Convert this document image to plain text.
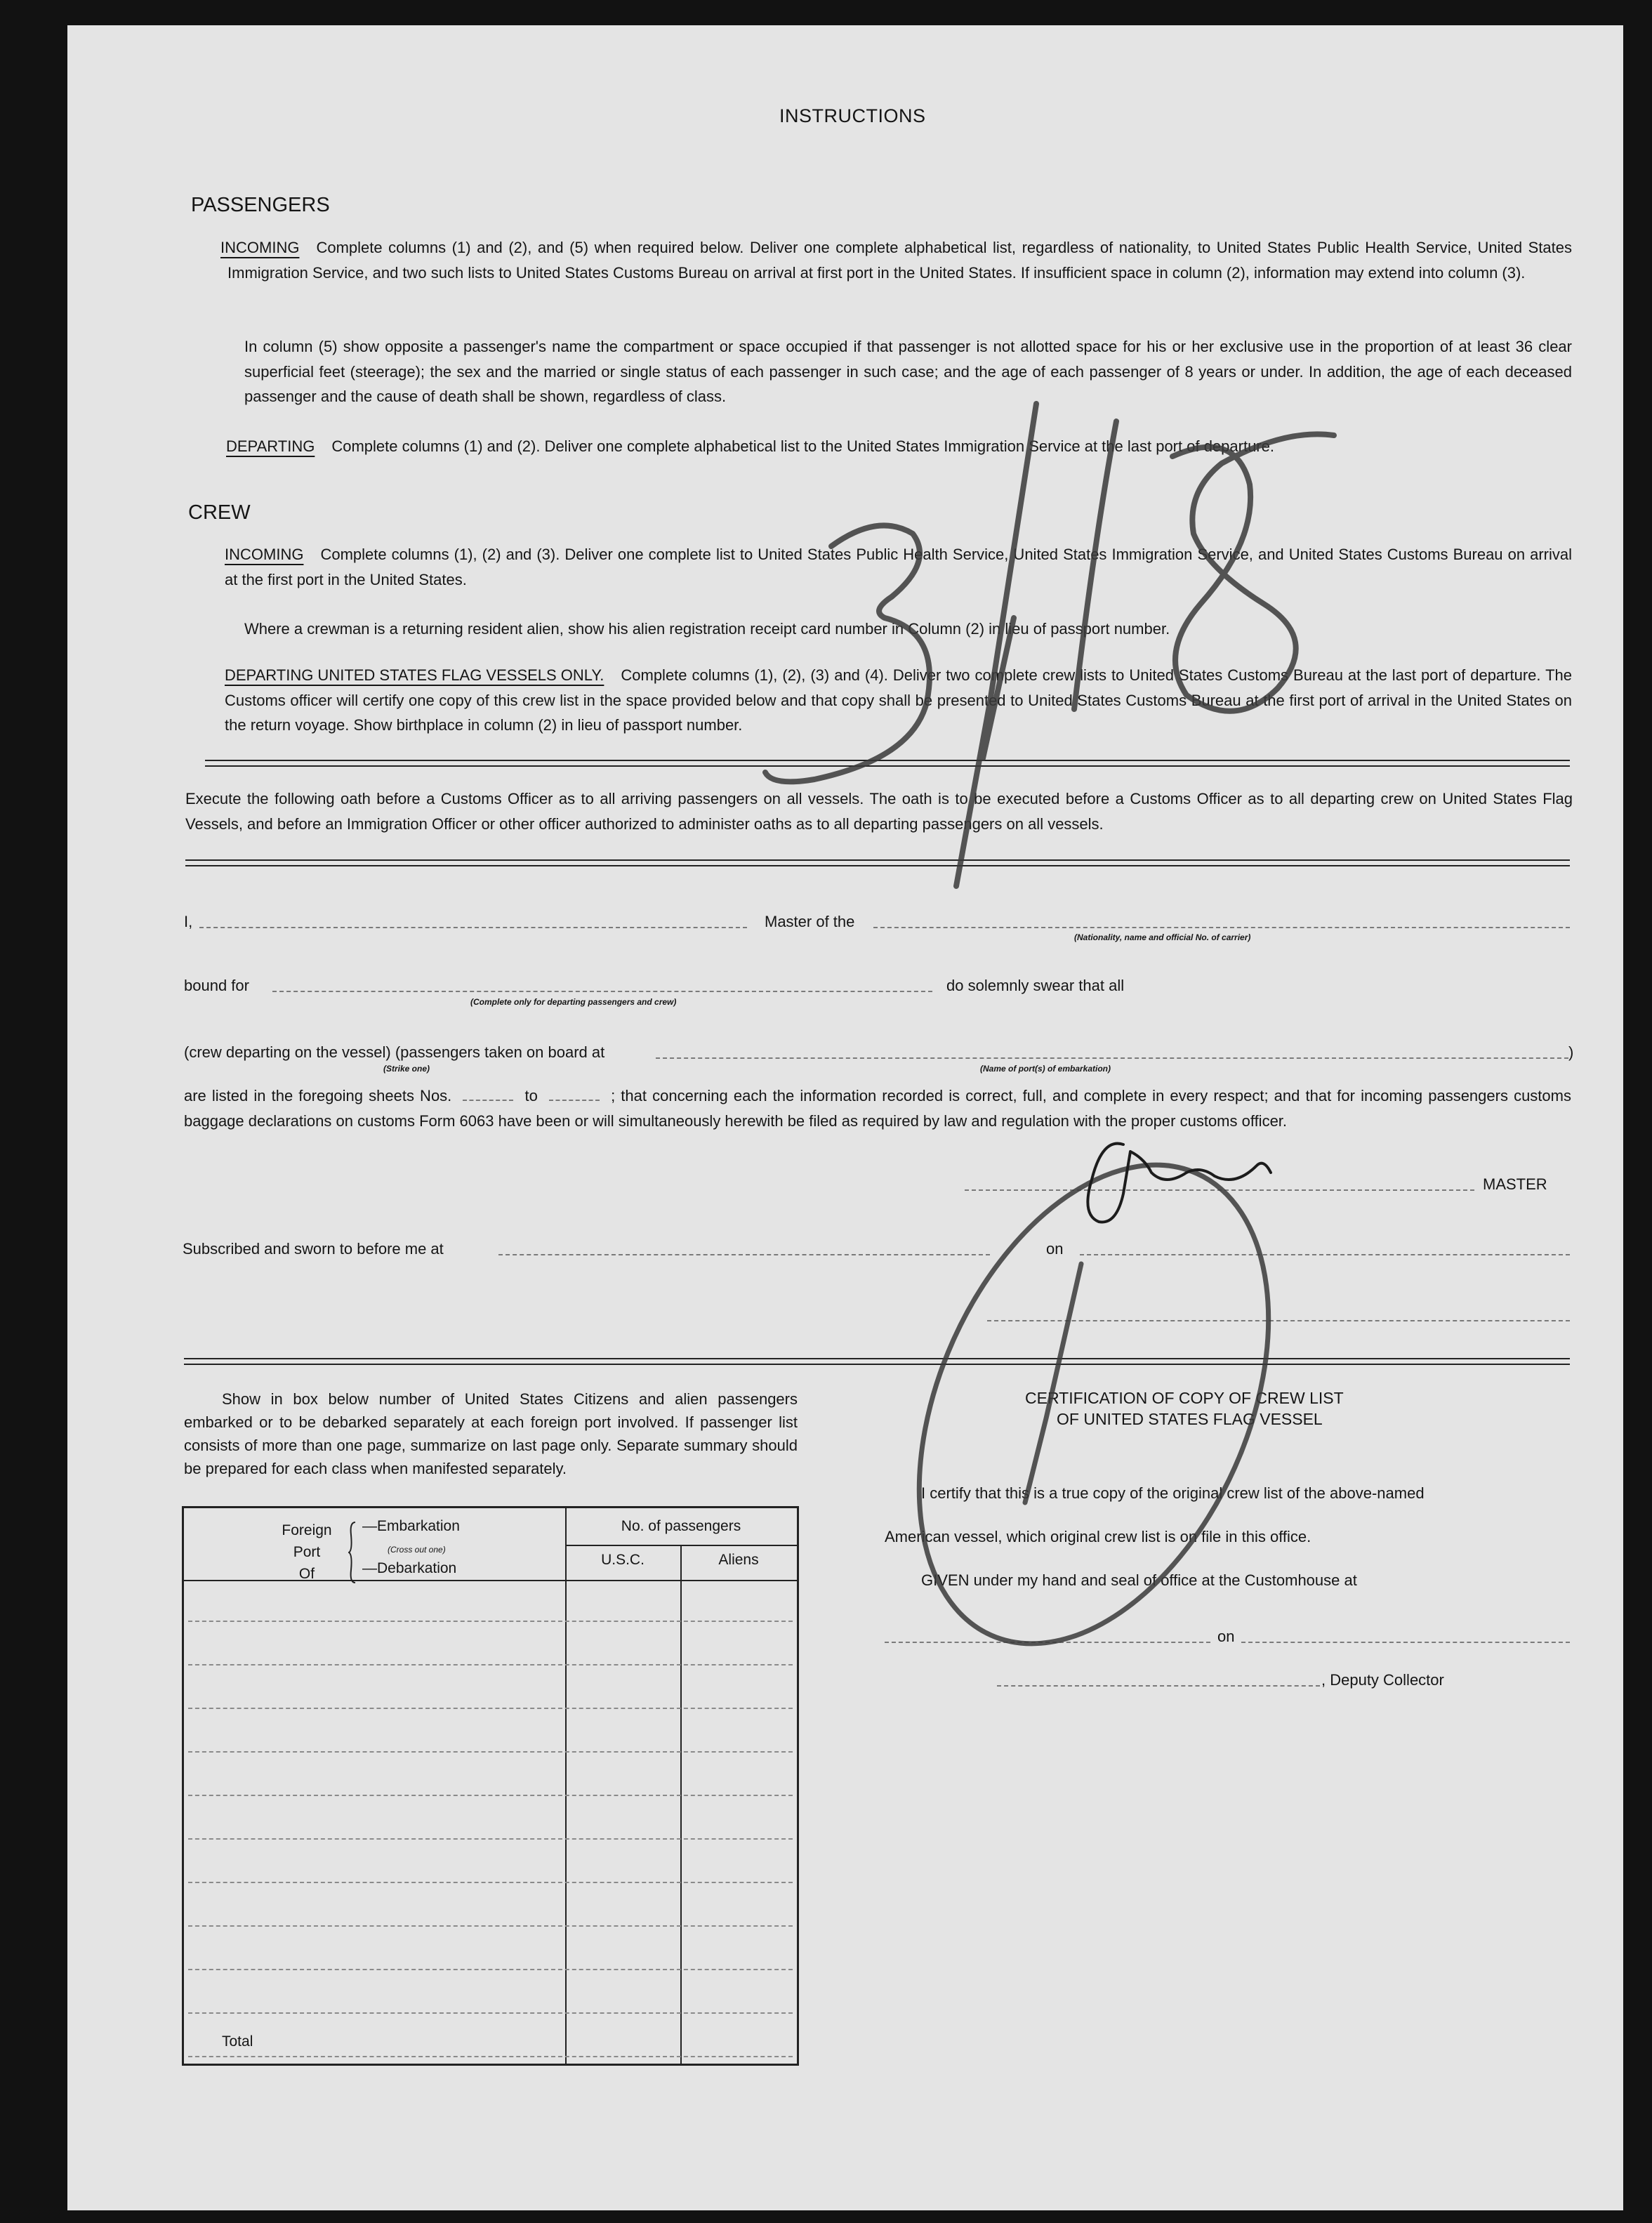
INSTRUCTIONS
PASSENGERS
INCOMING Complete columns (1) and (2), and (5) when required below. Deliver one complete alphabetical list, regardless of nationality, to United States Public Health Service, United States Immigration Service, and two such lists to United States Customs Bureau on arrival at first port in the United States. If insufficient space in column (2), information may extend into column (3).
In column (5) show opposite a passenger's name the compartment or space occupied if that passenger is not allotted space for his or her exclusive use in the proportion of at least 36 clear superficial feet (steerage); the sex and the married or single status of each passenger in such case; and the age of each passenger of 8 years or under. In addition, the age of each deceased passenger and the cause of death shall be shown, regardless of class.
DEPARTING Complete columns (1) and (2). Deliver one complete alphabetical list to the United States Immigration Service at the last port of departure.
CREW
INCOMING Complete columns (1), (2) and (3). Deliver one complete list to United States Public Health Service, United States Immigration Service, and United States Customs Bureau on arrival at the first port in the United States.
Where a crewman is a returning resident alien, show his alien registration receipt card number in Column (2) in lieu of passport number.
DEPARTING UNITED STATES FLAG VESSELS ONLY. Complete columns (1), (2), (3) and (4). Deliver two complete crew lists to United States Customs Bureau at the last port of departure. The Customs officer will certify one copy of this crew list in the space provided below and that copy shall be presented to United States Customs Bureau at the first port of arrival in the United States on the return voyage. Show birthplace in column (2) in lieu of passport number.
Execute the following oath before a Customs Officer as to all arriving passengers on all vessels. The oath is to be executed before a Customs Officer as to all departing crew on United States Flag Vessels, and before an Immigration Officer or other officer authorized to administer oaths as to all departing passengers on all vessels.
I,	Master of the
(Nationality, name and official No. of carrier)
bound for
(Complete only for departing passengers and crew)
do solemnly swear that all
(crew departing on the vessel) (passengers taken on board at	)
(Strike one)	(Name of port(s) of embarkation)
are listed in the foregoing sheets Nos.	to	; that concerning each the information recorded is correct, full, and complete in every respect; and that for incoming passengers customs baggage declarations on customs Form 6063 have been or will simultaneously herewith be filed as required by law and regulation with the proper customs officer.
MASTER
Subscribed and sworn to before me at	on
Show in box below number of United States Citizens and alien passengers embarked or to be debarked separately at each foreign port involved. If passenger list consists of more than one page, summarize on last page only. Separate summary should be prepared for each class when manifested separately.
Foreign
Port
Of
—Embarkation
(Cross out one)
—Debarkation
No. of passengers
U.S.C.	Aliens
Total
CERTIFICATION OF COPY OF CREW LIST
OF UNITED STATES FLAG VESSEL
I certify that this is a true copy of the original crew list of the above-named
American vessel, which original crew list is on file in this office.
GIVEN under my hand and seal of office at the Customhouse at
on
, Deputy Collector
